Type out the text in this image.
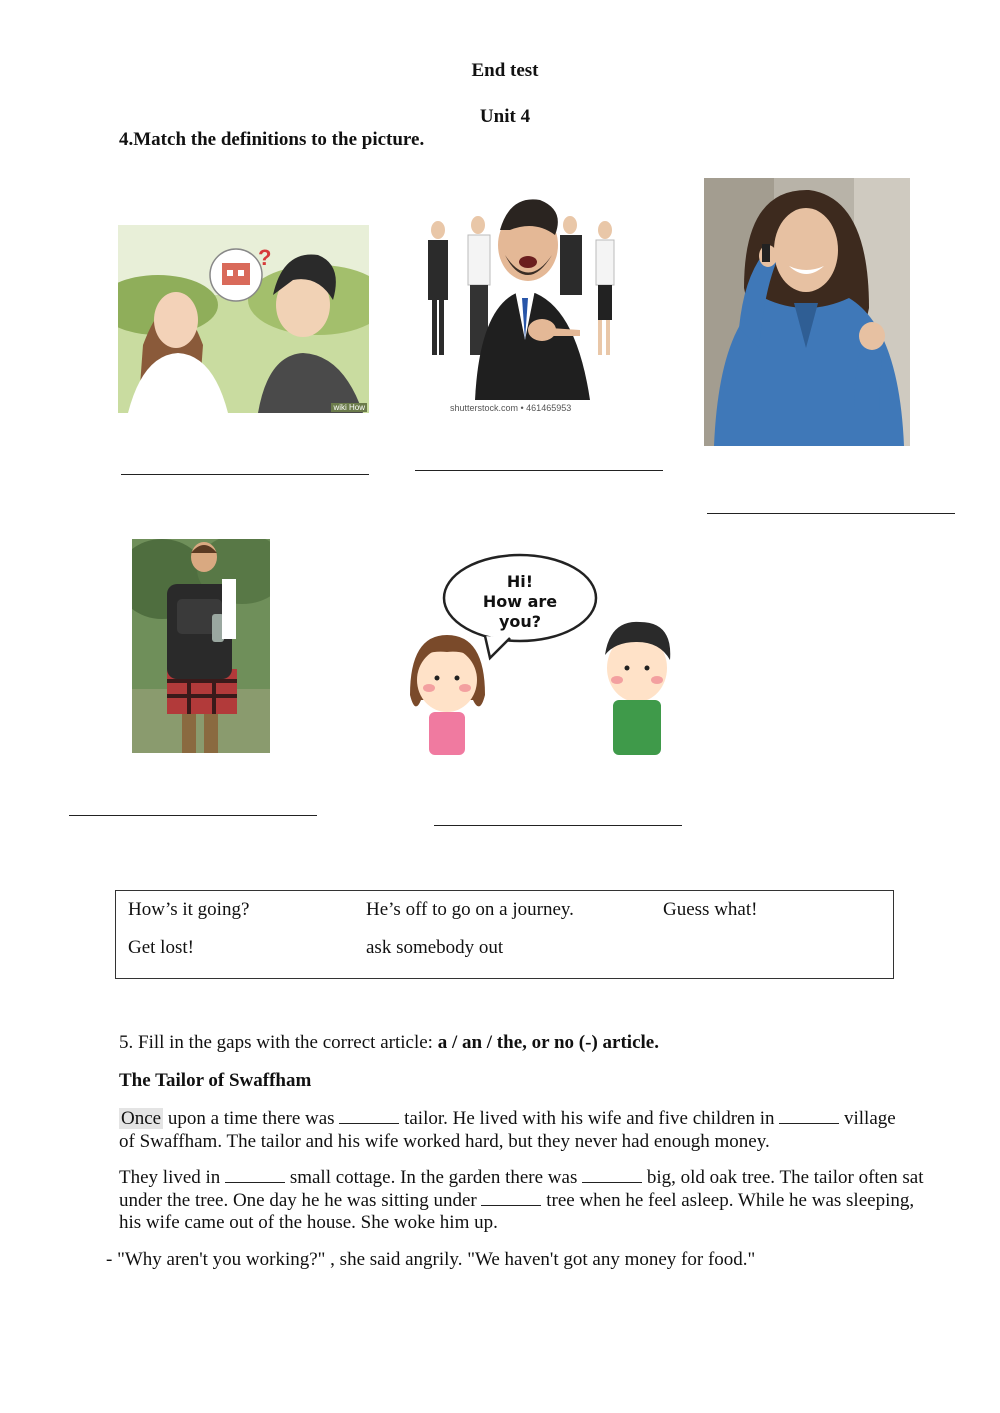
End test
Unit 4
4.Match the definitions to the picture.
?
wiki How	shutterstock.com • 461465953
Hi!
How are you?
How’s it going?	He’s off to go on a journey.	Guess what!
Get lost!	ask somebody out
5. Fill in the gaps with the correct article: a / an / the, or no (-) article.
The Tailor of Swaffham
Once upon a time there was	tailor. He lived with his wife and five children in	village
of Swaffham. The tailor and his wife worked hard, but they never had enough money.
They lived in	small cottage. In the garden there was	big, old oak tree. The tailor often sat
under the tree. One day he he was sitting under	tree when he feel asleep. While he was sleeping,
his wife came out of the house. She woke him up.
- "Why aren't you working?" , she said angrily. "We haven't got any money for food."
